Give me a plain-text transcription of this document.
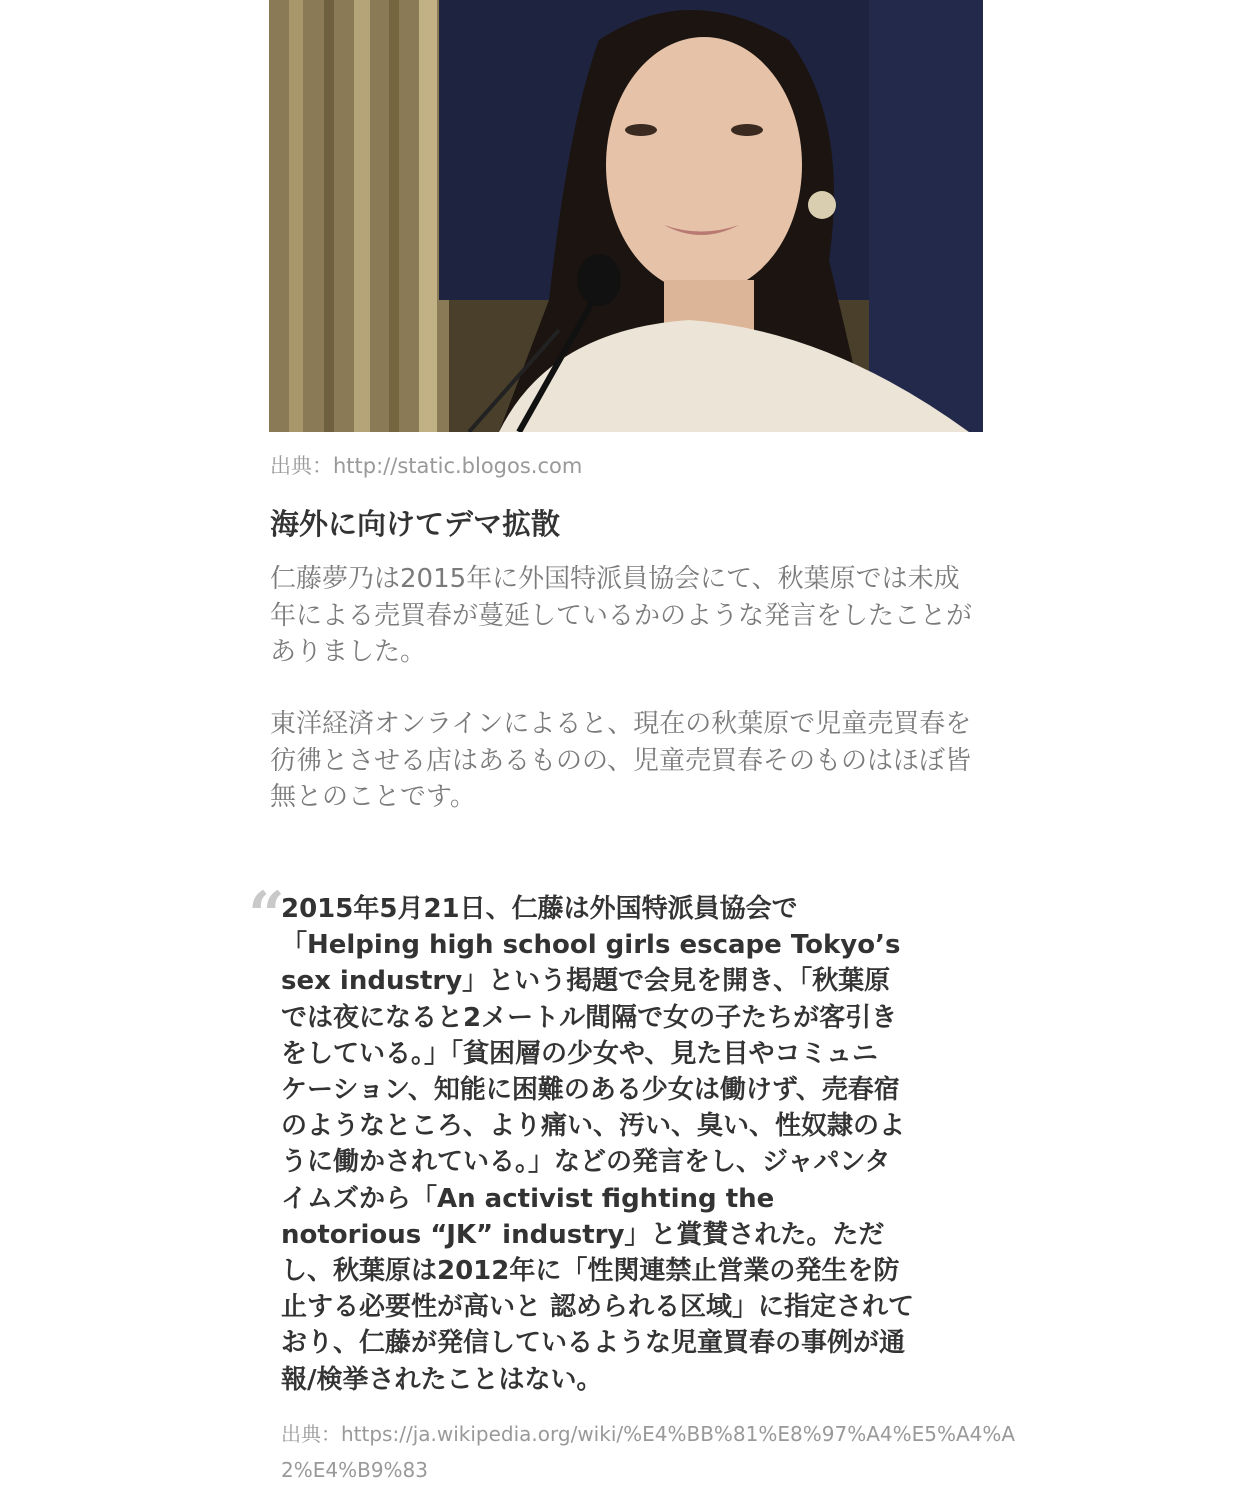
出典：http://static.blogos.com
海外に向けてデマ拡散

仁藤夢乃は2015年に外国特派員協会にて、秋葉原では未成年による売買春が蔓延しているかのような発言をしたことがありました。

東洋経済オンラインによると、現在の秋葉原で児童売買春を彷彿とさせる店はあるものの、児童売買春そのものはほぼ皆無とのことです。

“
2015年5月21日、仁藤は外国特派員協会で
「Helping high school girls escape Tokyo’s
sex industry」という掲題で会見を開き、「秋葉原
では夜になると2メートル間隔で女の子たちが客引き
をしている。」「貧困層の少女や、見た目やコミュニ
ケーション、知能に困難のある少女は働けず、売春宿
のようなところ、より痛い、汚い、臭い、性奴隷のよ
うに働かされている。」などの発言をし、ジャパンタ
イムズから「An activist fighting the
notorious “JK” industry」と賞賛された。ただ
し、秋葉原は2012年に「性関連禁止営業の発生を防
止する必要性が高いと 認められる区域」に指定されて
おり、仁藤が発信しているような児童買春の事例が通
報/検挙されたことはない。
出典：https://ja.wikipedia.org/wiki/%E4%BB%81%E8%97%A4%E5%A4%A2%E4%B9%83
